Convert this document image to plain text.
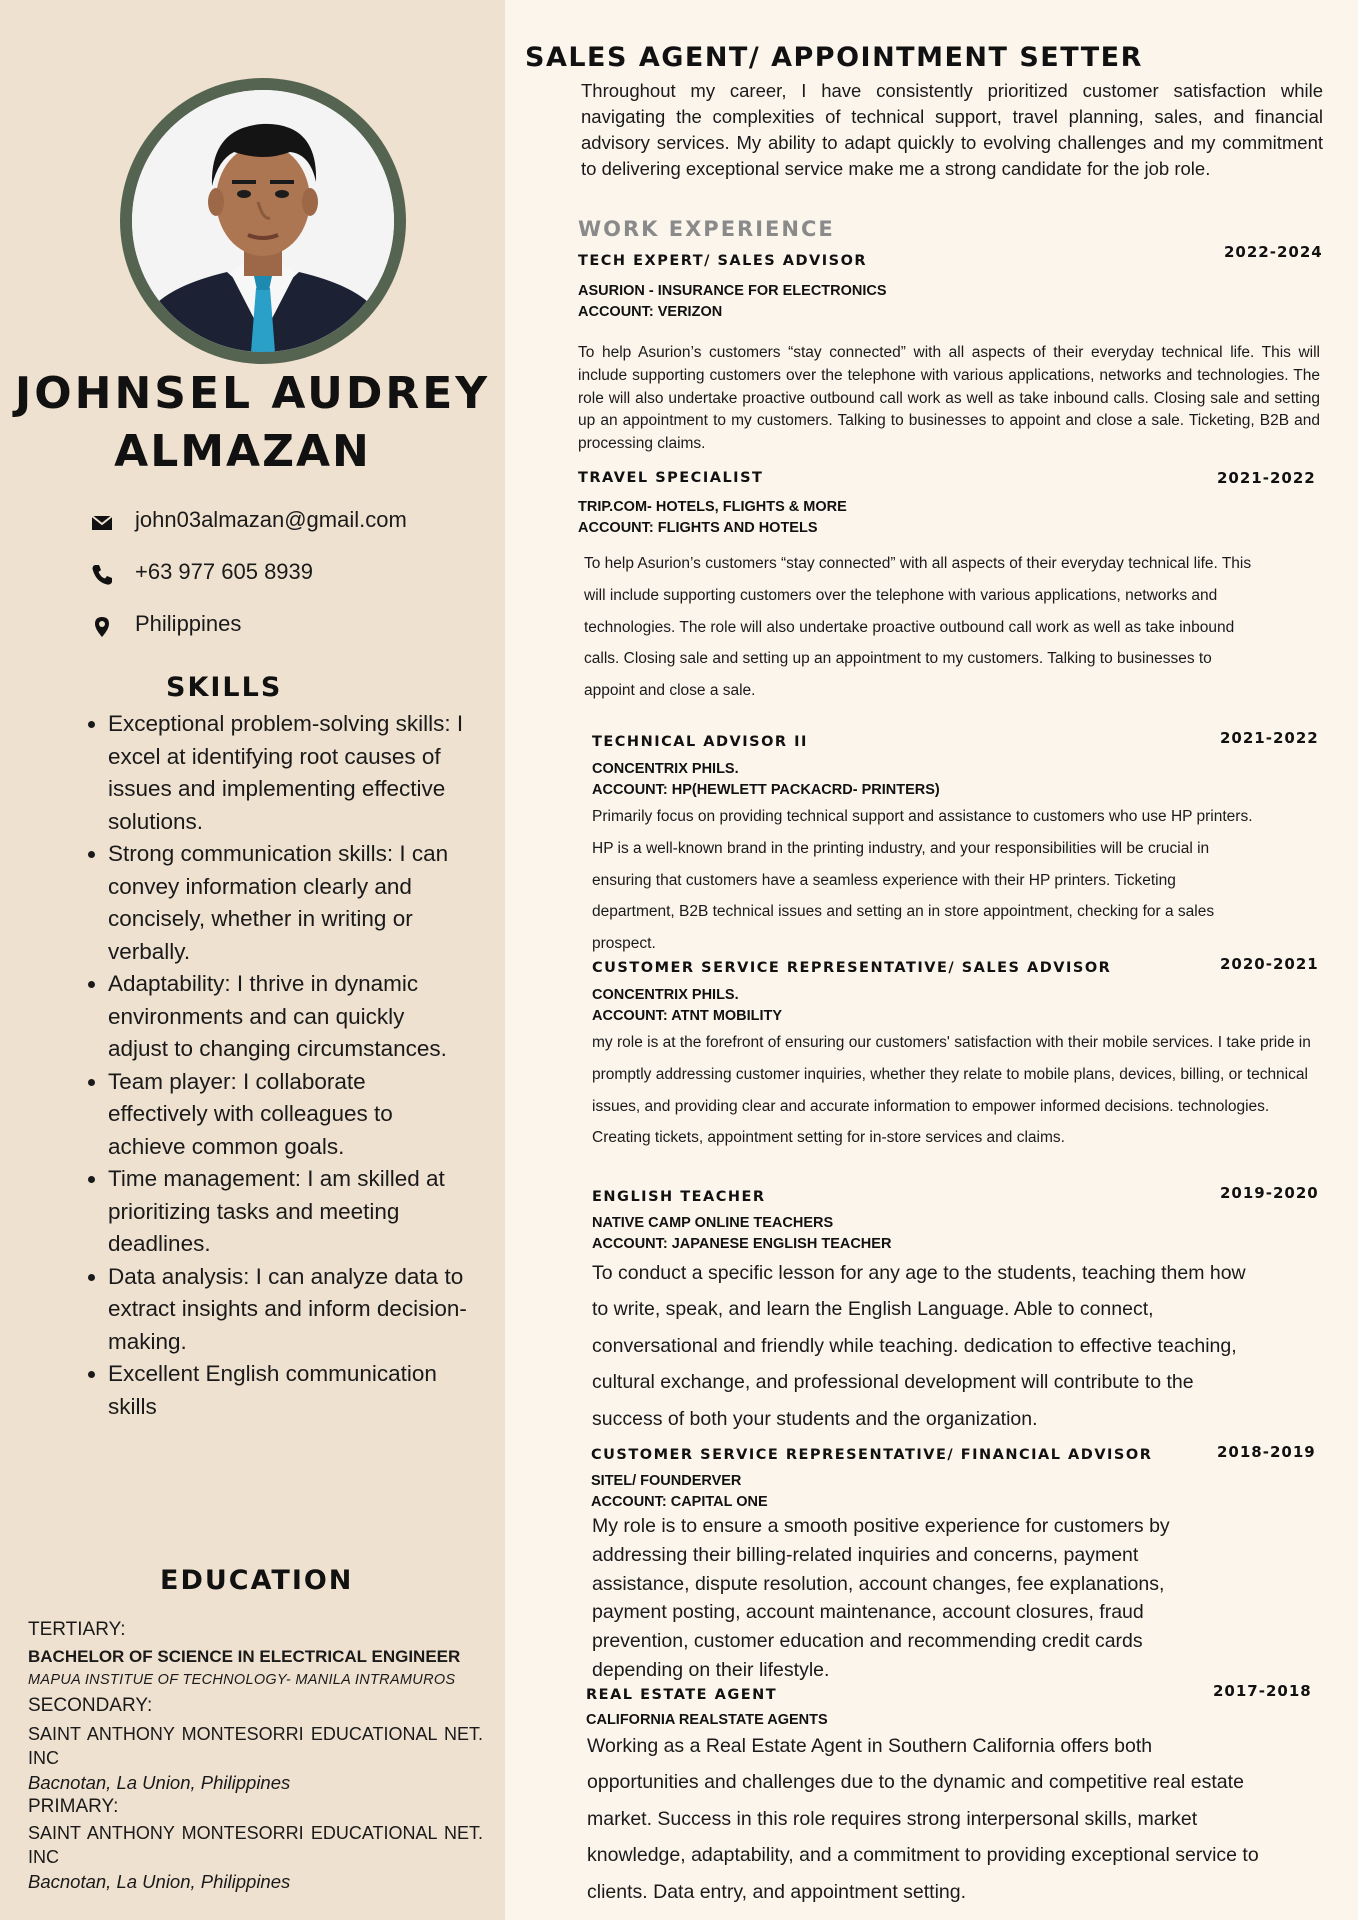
JOHNSEL AUDREY
ALMAZAN
john03almazan@gmail.com
+63 977 605 8939
Philippines
SKILLS
• Exceptional problem-solving skills: I excel at identifying root causes of issues and implementing effective solutions.
• Strong communication skills: I can convey information clearly and concisely, whether in writing or verbally.
• Adaptability: I thrive in dynamic environments and can quickly adjust to changing circumstances.
• Team player: I collaborate effectively with colleagues to achieve common goals.
• Time management: I am skilled at prioritizing tasks and meeting deadlines.
• Data analysis: I can analyze data to extract insights and inform decision-making.
• Excellent English communication skills
EDUCATION
TERTIARY:
BACHELOR OF SCIENCE IN ELECTRICAL ENGINEER
MAPUA INSTITUE OF TECHNOLOGY- MANILA INTRAMUROS
SECONDARY:
SAINT ANTHONY MONTESORRI EDUCATIONAL NET.
INC
Bacnotan, La Union, Philippines
PRIMARY:
SAINT ANTHONY MONTESORRI EDUCATIONAL NET.
INC
Bacnotan, La Union, Philippines
SALES AGENT/ APPOINTMENT SETTER
Throughout my career, I have consistently prioritized customer satisfaction while navigating the complexities of technical support, travel planning, sales, and financial advisory services. My ability to adapt quickly to evolving challenges and my commitment to delivering exceptional service make me a strong candidate for the job role.
WORK EXPERIENCE
TECH EXPERT/ SALES ADVISOR	2022-2024
ASURION - INSURANCE FOR ELECTRONICS
ACCOUNT: VERIZON
To help Asurion’s customers “stay connected” with all aspects of their everyday technical life. This will include supporting customers over the telephone with various applications, networks and technologies. The role will also undertake proactive outbound call work as well as take inbound calls. Closing sale and setting up an appointment to my customers. Talking to businesses to appoint and close a sale. Ticketing, B2B and processing claims.
TRAVEL SPECIALIST	2021-2022
TRIP.COM- HOTELS, FLIGHTS & MORE
ACCOUNT: FLIGHTS AND HOTELS
To help Asurion’s customers “stay connected” with all aspects of their everyday technical life. This will include supporting customers over the telephone with various applications, networks and technologies. The role will also undertake proactive outbound call work as well as take inbound calls. Closing sale and setting up an appointment to my customers. Talking to businesses to appoint and close a sale.
TECHNICAL ADVISOR II	2021-2022
CONCENTRIX PHILS.
ACCOUNT: HP(HEWLETT PACKACRD- PRINTERS)
Primarily focus on providing technical support and assistance to customers who use HP printers. HP is a well-known brand in the printing industry, and your responsibilities will be crucial in ensuring that customers have a seamless experience with their HP printers. Ticketing department, B2B technical issues and setting an in store appointment, checking for a sales prospect.
CUSTOMER SERVICE REPRESENTATIVE/ SALES ADVISOR	2020-2021
CONCENTRIX PHILS.
ACCOUNT: ATNT MOBILITY
my role is at the forefront of ensuring our customers' satisfaction with their mobile services. I take pride in promptly addressing customer inquiries, whether they relate to mobile plans, devices, billing, or technical issues, and providing clear and accurate information to empower informed decisions. technologies. Creating tickets, appointment setting for in-store services and claims.
ENGLISH TEACHER	2019-2020
NATIVE CAMP ONLINE TEACHERS
ACCOUNT: JAPANESE ENGLISH TEACHER
To conduct a specific lesson for any age to the students, teaching them how to write, speak, and learn the English Language. Able to connect, conversational and friendly while teaching. dedication to effective teaching, cultural exchange, and professional development will contribute to the success of both your students and the organization.
CUSTOMER SERVICE REPRESENTATIVE/ FINANCIAL ADVISOR	2018-2019
SITEL/ FOUNDERVER
ACCOUNT: CAPITAL ONE
My role is to ensure a smooth positive experience for customers by addressing their billing-related inquiries and concerns, payment assistance, dispute resolution, account changes, fee explanations, payment posting, account maintenance, account closures, fraud prevention, customer education and recommending credit cards depending on their lifestyle.
REAL ESTATE AGENT	2017-2018
CALIFORNIA REALSTATE AGENTS
Working as a Real Estate Agent in Southern California offers both opportunities and challenges due to the dynamic and competitive real estate market. Success in this role requires strong interpersonal skills, market knowledge, adaptability, and a commitment to providing exceptional service to clients. Data entry, and appointment setting.
